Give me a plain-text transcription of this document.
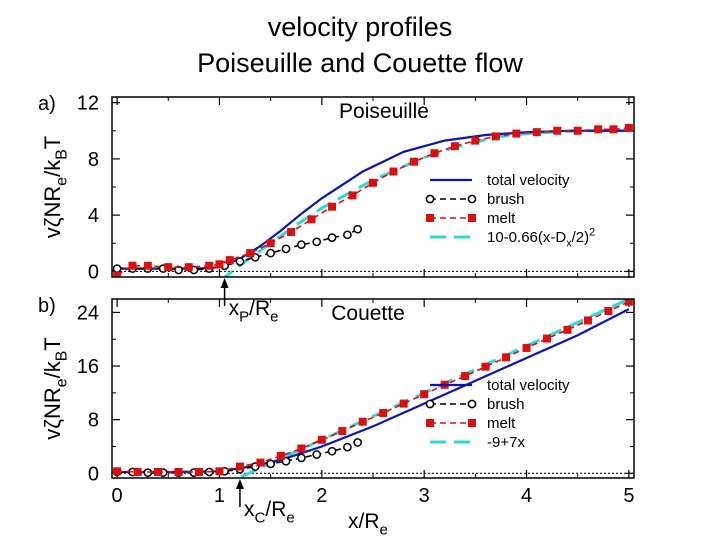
velocity profiles
Poiseuille and Couette flow
0
4
8
12
a)	Poiseuille
$v\zeta NR_e/k_BT$
total velocity
brush
melt
$10-0.66(x-D_x/2)^2$
$x_P/R_e$
0
8
16
24
0	1	2	3	4	5
b)	Couette
$v\zeta NR_e/k_BT$
$x/R_e$
total velocity
brush
melt
-9+7x
$x_C/R_e$
